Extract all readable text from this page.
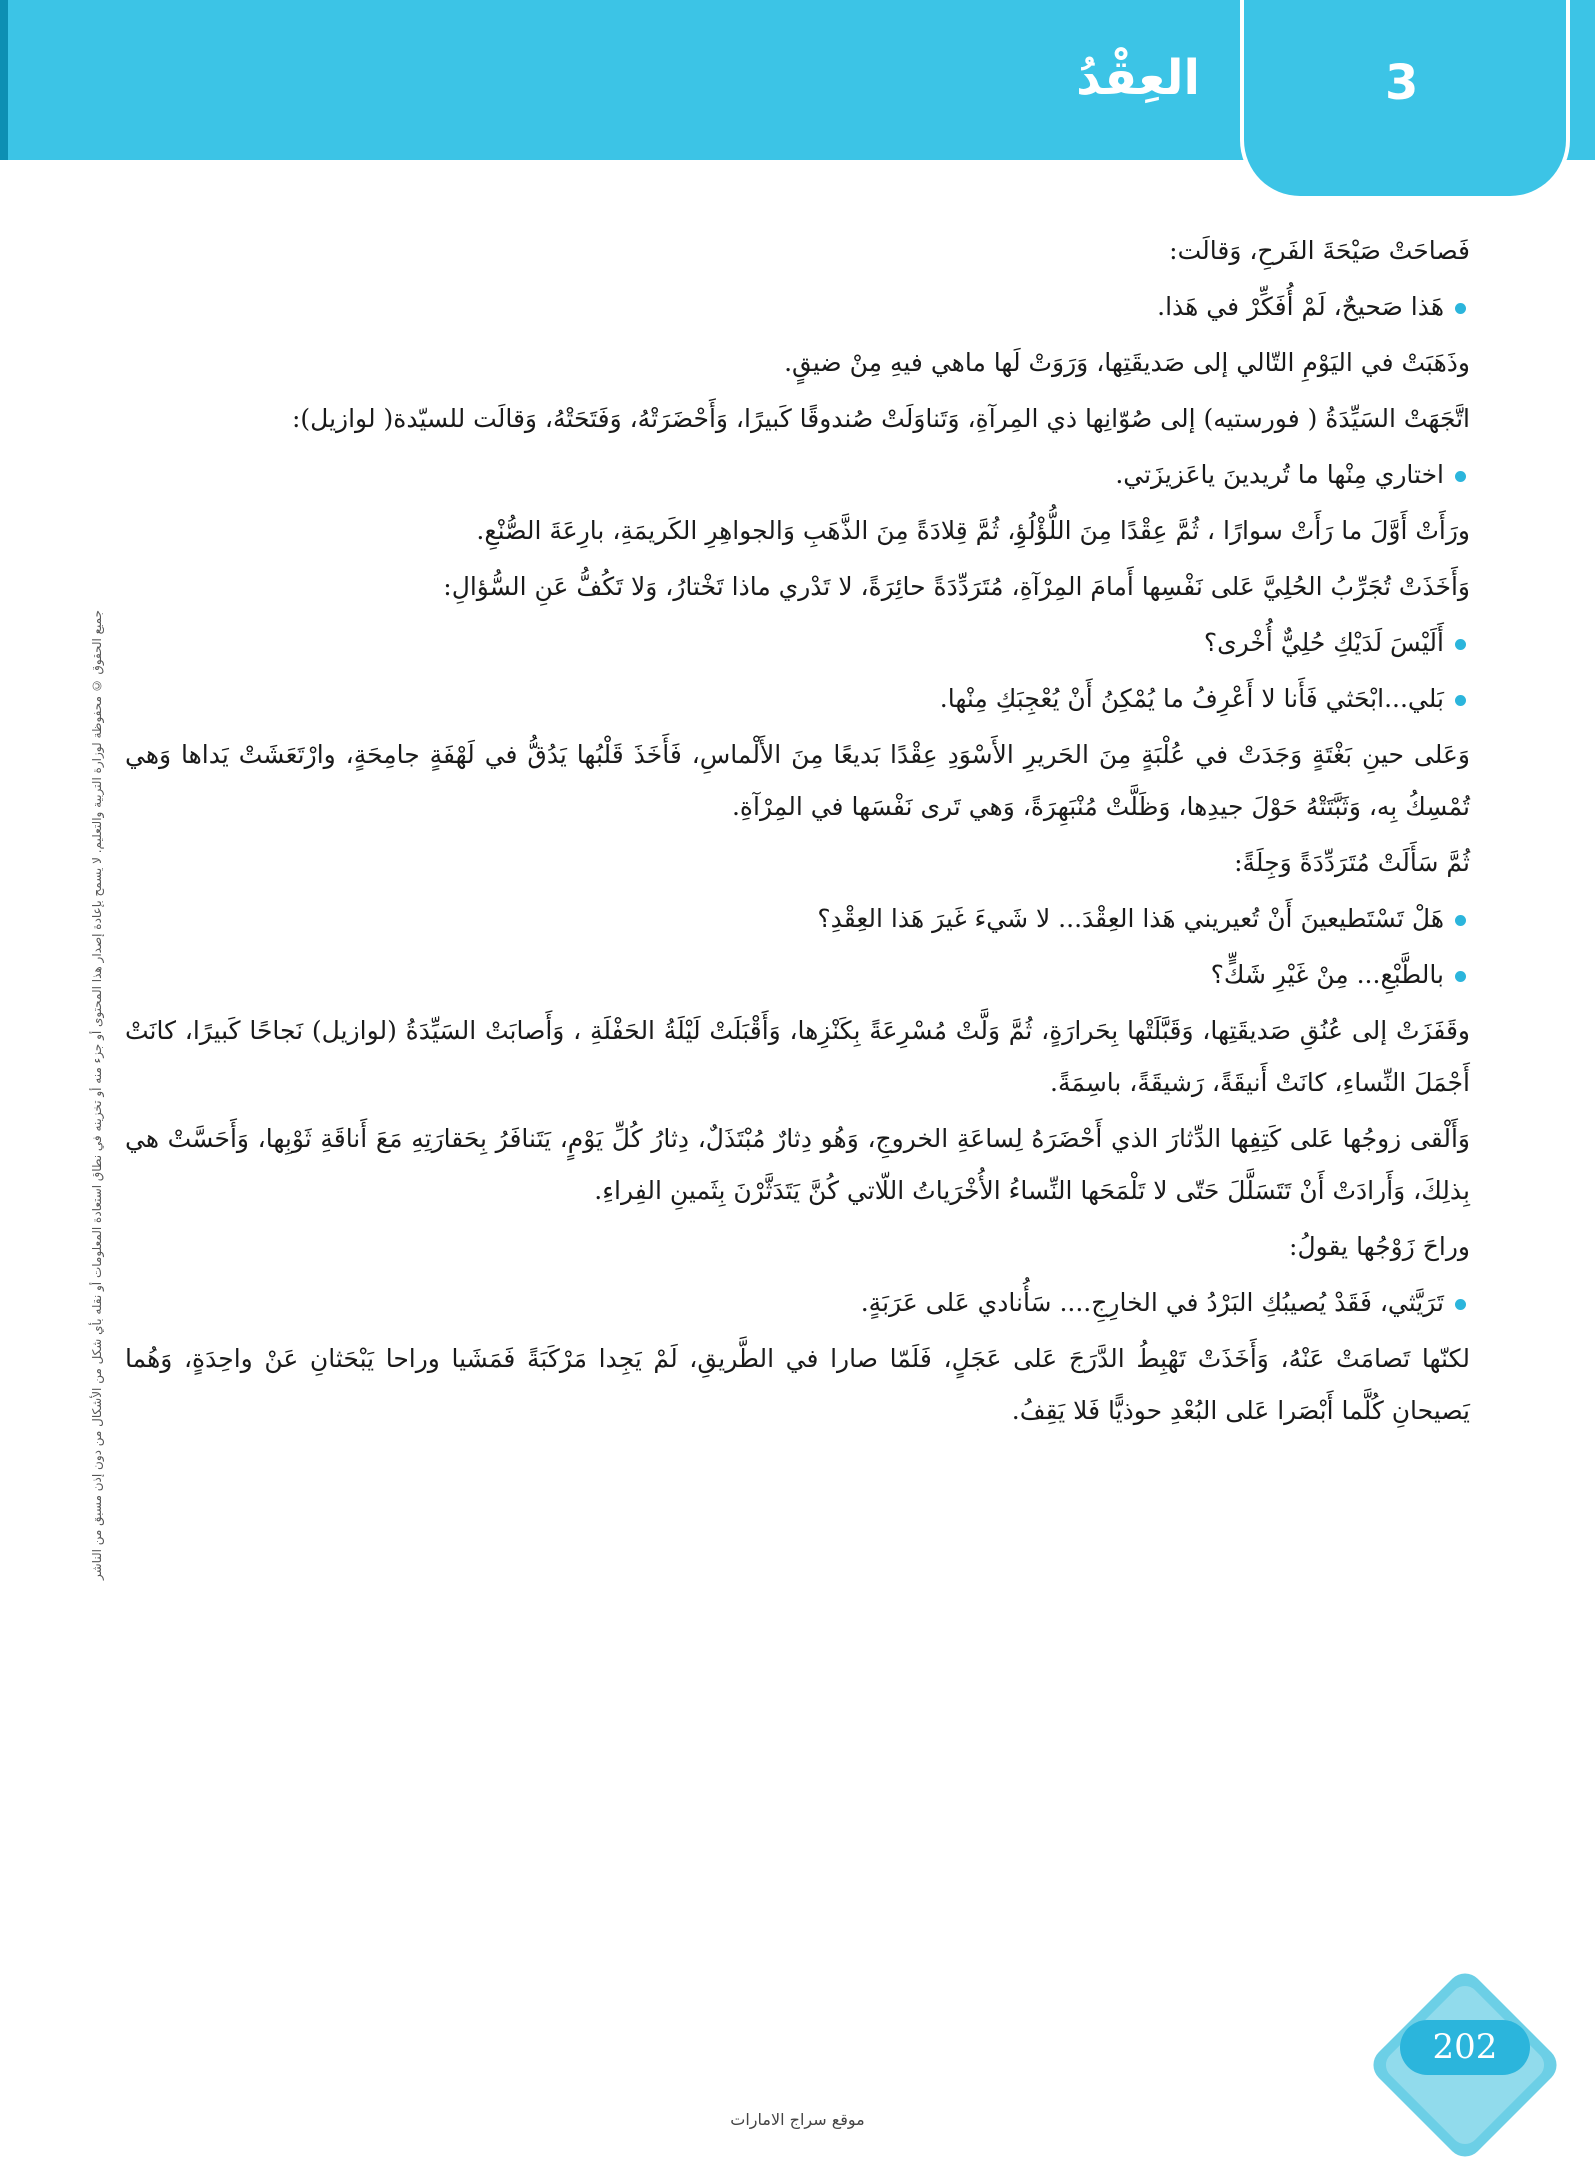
العِقْدُ	3
جميع الحقوق © محفوظة لوزارة التربية والتعليم. لا يسمح بإعادة إصدار هذا المحتوى أو جزء منه أو تخزينه في نطاق استعادة المعلومات أو نقله بأي شكل من الأشكال من دون إذن مسبق من الناشر

فَصاحَتْ صَيْحَةَ الفَرحِ، وَقالَت:

هَذا صَحيحٌ، لَمْ أُفَكِّرْ في هَذا.

وذَهَبَتْ في اليَوْمِ التّالي إلى صَديقَتِها، وَرَوَتْ لَها ماهي فيهِ مِنْ ضيقٍ.

اتَّجَهَتْ السَيِّدَةُ ( فورستيه) إلى صُوّانِها ذي المِرآةِ، وَتَناوَلَتْ صُندوقًا كَبيرًا، وَأَحْضَرَتْهُ، وَفَتَحَتْهُ، وَقالَت للسيّدة( لوازيل):

اختاري مِنْها ما تُريدينَ ياعَزيزَتي.

ورَأَتْ أَوَّلَ ما رَأَتْ سوارًا ، ثُمَّ عِقْدًا مِنَ اللُّؤْلُؤِ، ثُمَّ قِلادَةً مِنَ الذَّهَبِ وَالجواهِرِ الكَريمَةِ، بارِعَةَ الصُّنْعِ.

وَأَخَذَتْ تُجَرِّبُ الحُلِيَّ عَلى نَفْسِها أَمامَ المِرْآةِ، مُتَرَدِّدَةً حائِرَةً، لا تَدْري ماذا تَخْتارُ، وَلا تَكُفُّ عَنِ السُّؤالِ:

أَلَيْسَ لَدَيْكِ حُلِيٌّ أُخْرى؟

بَلي...ابْحَثي فَأَنا لا أَعْرِفُ ما يُمْكِنُ أَنْ يُعْجِبَكِ مِنْها.

وَعَلى حينِ بَغْتَةٍ وَجَدَتْ في عُلْبَةٍ مِنَ الحَريرِ الأَسْوَدِ عِقْدًا بَديعًا مِنَ الأَلْماسِ، فَأَخَذَ قَلْبُها يَدُقُّ في لَهْفَةٍ جامِحَةٍ، وارْتَعَشَتْ يَداها وَهي تُمْسِكُ بِه، وَثَبَّتَتْهُ حَوْلَ جيدِها، وَظَلَّتْ مُنْبَهِرَةً، وَهي تَرى نَفْسَها في المِرْآةِ.

ثُمَّ سَأَلَتْ مُتَرَدِّدَةً وَجِلَةً:

هَلْ تَسْتَطيعينَ أَنْ تُعيريني هَذا العِقْدَ... لا شَيءَ غَيرَ هَذا العِقْدِ؟

بالطَّبْعِ... مِنْ غَيْرِ شَكٍّ؟

وقَفَزَتْ إلى عُنُقِ صَديقَتِها، وَقَبَّلَتْها بِحَرارَةٍ، ثُمَّ وَلَّتْ مُسْرِعَةً بِكَنْزِها، وَأَقْبَلَتْ لَيْلَةُ الحَفْلَةِ ، وَأَصابَتْ السَيِّدَةُ (لوازيل) نَجاحًا كَبيرًا، كانَتْ أَجْمَلَ النِّساءِ، كانَتْ أَنيقَةً، رَشيقَةً، باسِمَةً.

وَأَلْقى زوجُها عَلى كَتِفِها الدِّثارَ الذي أَحْضَرَهُ لِساعَةِ الخروجِ، وَهُو دِثارٌ مُبْتَذَلٌ، دِثارُ كُلِّ يَوْمٍ، يَتَنافَرُ بِحَقارَتِهِ مَعَ أَناقَةِ ثَوْبِها، وَأَحَسَّتْ هي بِذلِكَ، وَأَرادَتْ أَنْ تَتَسَلَّلَ حَتّى لا تَلْمَحَها النِّساءُ الأُخْرَياتُ اللّاتي كُنَّ يَتَدَثَّرْنَ بِثَمينِ الفِراءِ.

وراحَ زَوْجُها يقولُ:

تَرَيَّثي، فَقَدْ يُصيبُكِ البَرْدُ في الخارِجِ.... سَأُنادي عَلى عَرَبَةٍ.

لكنّها تَصامَتْ عَنْهُ، وَأَخَذَتْ تَهْبِطُ الدَّرَجَ عَلى عَجَلٍ، فَلَمّا صارا في الطَّريقِ، لَمْ يَجِدا مَرْكَبَةً فَمَشَيا وراحا يَبْحَثانِ عَنْ واحِدَةٍ، وَهُما يَصيحانِ كُلَّما أَبْصَرا عَلى البُعْدِ حوذيًّا فَلا يَقِفُ.

202
موقع سراج الامارات
